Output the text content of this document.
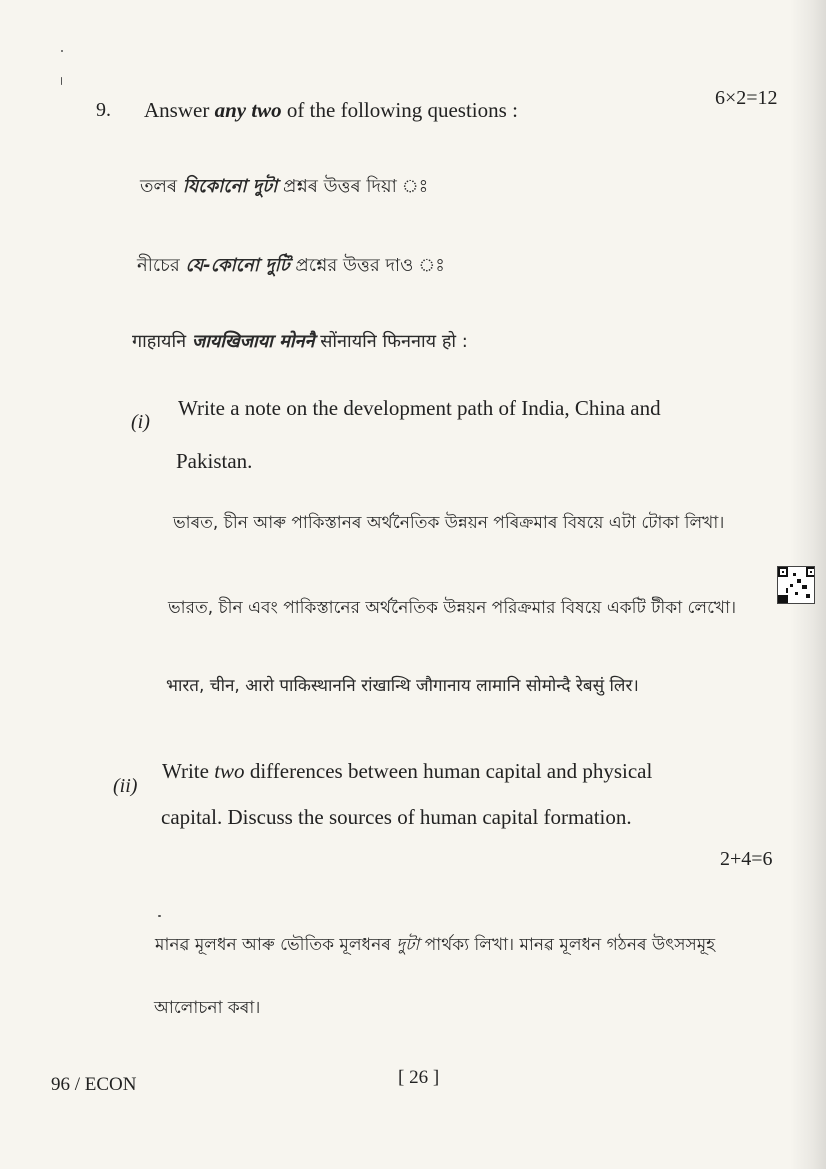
9. Answer any two of the following questions :	6×2=12
তলৰ যিকোনো দুটা প্ৰশ্নৰ উত্তৰ দিয়া ঃ
নীচের যে-কোনো দুটি প্রশ্নের উত্তর দাও ঃ
गाहायनि जायखिजाया मोननै सोंनायनि फिननाय हो :
(i)
Write a note on the development path of India, China and
Pakistan.
ভাৰত, চীন আৰু পাকিস্তানৰ অৰ্থনৈতিক উন্নয়ন পৰিক্ৰমাৰ বিষয়ে এটা টোকা লিখা।
ভারত, চীন এবং পাকিস্তানের অর্থনৈতিক উন্নয়ন পরিক্রমার বিষয়ে একটি টীকা লেখো।
भारत, चीन, आरो पाकिस्थाननि रांखान्थि जौगानाय लामानि सोमोन्दै रेबसुं लिर।
(ii)
Write two differences between human capital and physical
capital. Discuss the sources of human capital formation.
2+4=6
মানৱ মূলধন আৰু ভৌতিক মূলধনৰ দুটা পাৰ্থক্য লিখা। মানৱ মূলধন গঠনৰ উৎসসমূহ
আলোচনা কৰা।
96 / ECON	[ 26 ]
